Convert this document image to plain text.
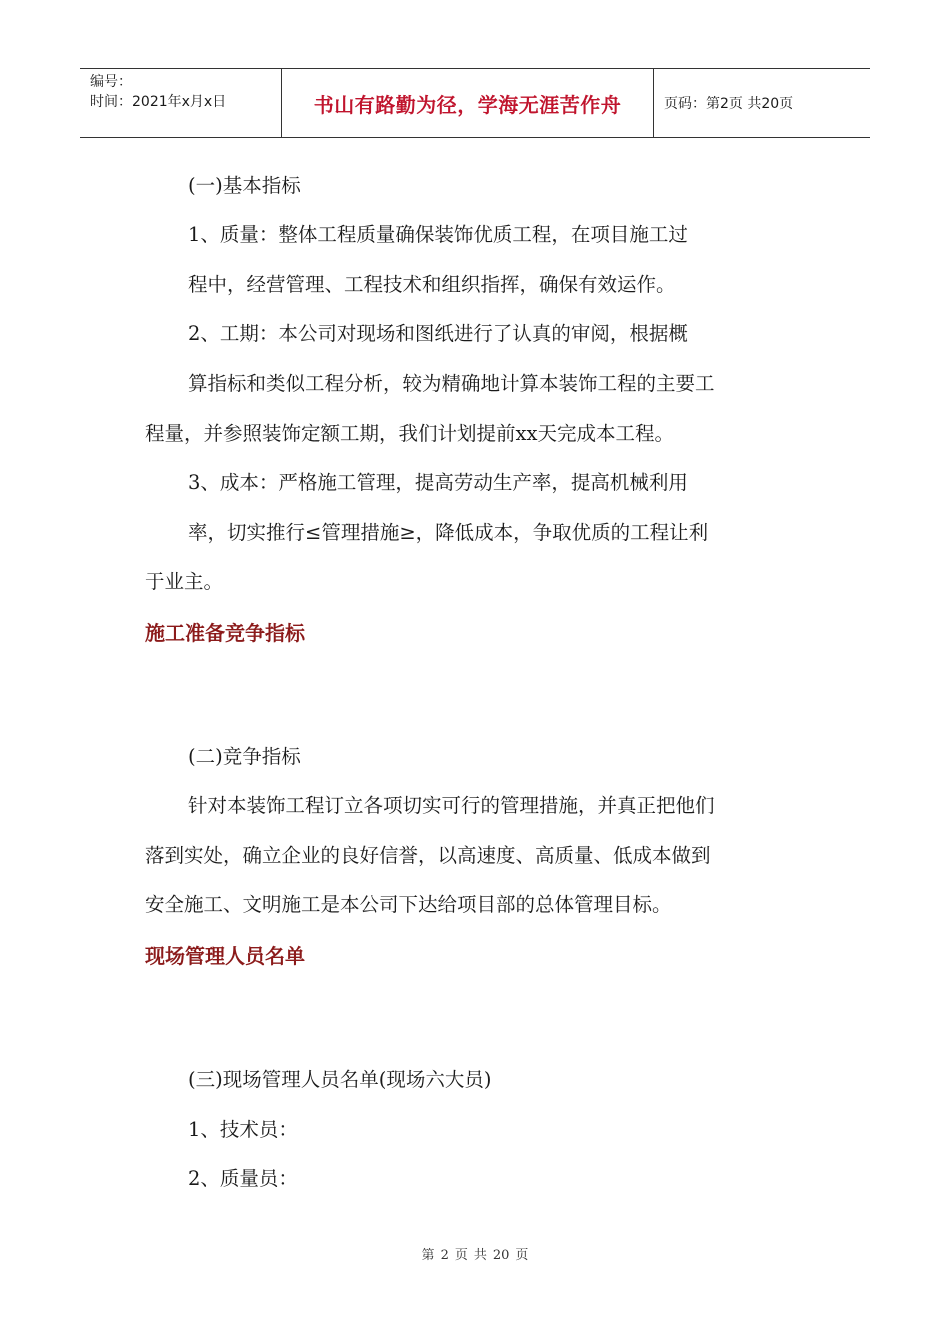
编号：
时间：2021年x月x日	书山有路勤为径，学海无涯苦作舟	页码：第2页 共20页
(一)基本指标
1、质量：整体工程质量确保装饰优质工程，在项目施工过
程中，经营管理、工程技术和组织指挥，确保有效运作。
2、工期：本公司对现场和图纸进行了认真的审阅，根据概
算指标和类似工程分析，较为精确地计算本装饰工程的主要工
程量，并参照装饰定额工期，我们计划提前xx天完成本工程。
3、成本：严格施工管理，提高劳动生产率，提高机械利用
率，切实推行≤管理措施≥，降低成本，争取优质的工程让利
于业主。
施工准备竞争指标
(二)竞争指标
针对本装饰工程订立各项切实可行的管理措施，并真正把他们
落到实处，确立企业的良好信誉，以高速度、高质量、低成本做到
安全施工、文明施工是本公司下达给项目部的总体管理目标。
现场管理人员名单
(三)现场管理人员名单(现场六大员)
1、技术员：
2、质量员：
第 2 页 共 20 页
